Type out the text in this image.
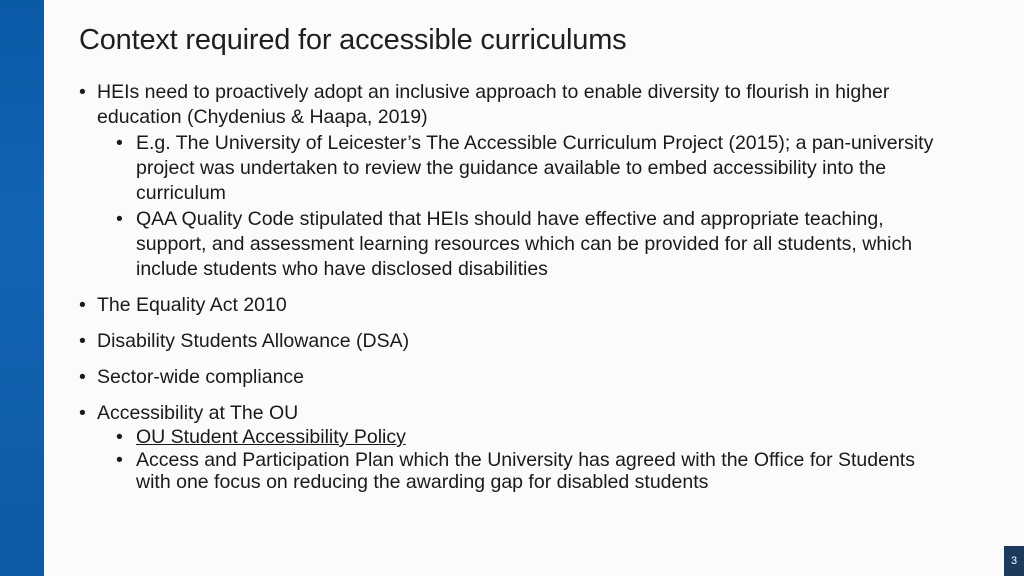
Context required for accessible curriculums
• HEIs need to proactively adopt an inclusive approach to enable diversity to flourish in higher education (Chydenius & Haapa, 2019)
• E.g. The University of Leicester’s The Accessible Curriculum Project (2015); a pan-university project was undertaken to review the guidance available to embed accessibility into the curriculum
• QAA Quality Code stipulated that HEIs should have effective and appropriate teaching, support, and assessment learning resources which can be provided for all students, which include students who have disclosed disabilities
• The Equality Act 2010
• Disability Students Allowance (DSA)
• Sector-wide compliance
• Accessibility at The OU
• OU Student Accessibility Policy
• Access and Participation Plan which the University has agreed with the Office for Students with one focus on reducing the awarding gap for disabled students
3
